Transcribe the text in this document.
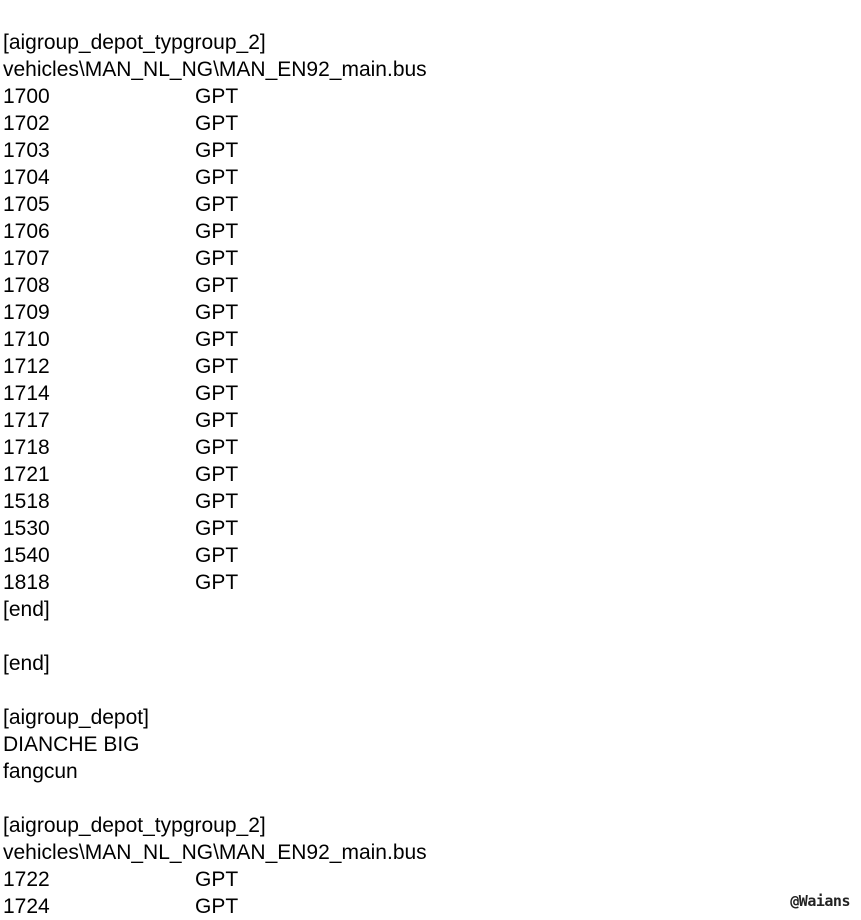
[aigroup_depot_typgroup_2]
vehicles\MAN_NL_NG\MAN_EN92_main.bus
1700	GPT
1702	GPT
1703	GPT
1704	GPT
1705	GPT
1706	GPT
1707	GPT
1708	GPT
1709	GPT
1710	GPT
1712	GPT
1714	GPT
1717	GPT
1718	GPT
1721	GPT
1518	GPT
1530	GPT
1540	GPT
1818	GPT
[end]
[end]
[aigroup_depot]
DIANCHE BIG
fangcun
[aigroup_depot_typgroup_2]
vehicles\MAN_NL_NG\MAN_EN92_main.bus
1722	GPT
1724	GPT	@Waians
